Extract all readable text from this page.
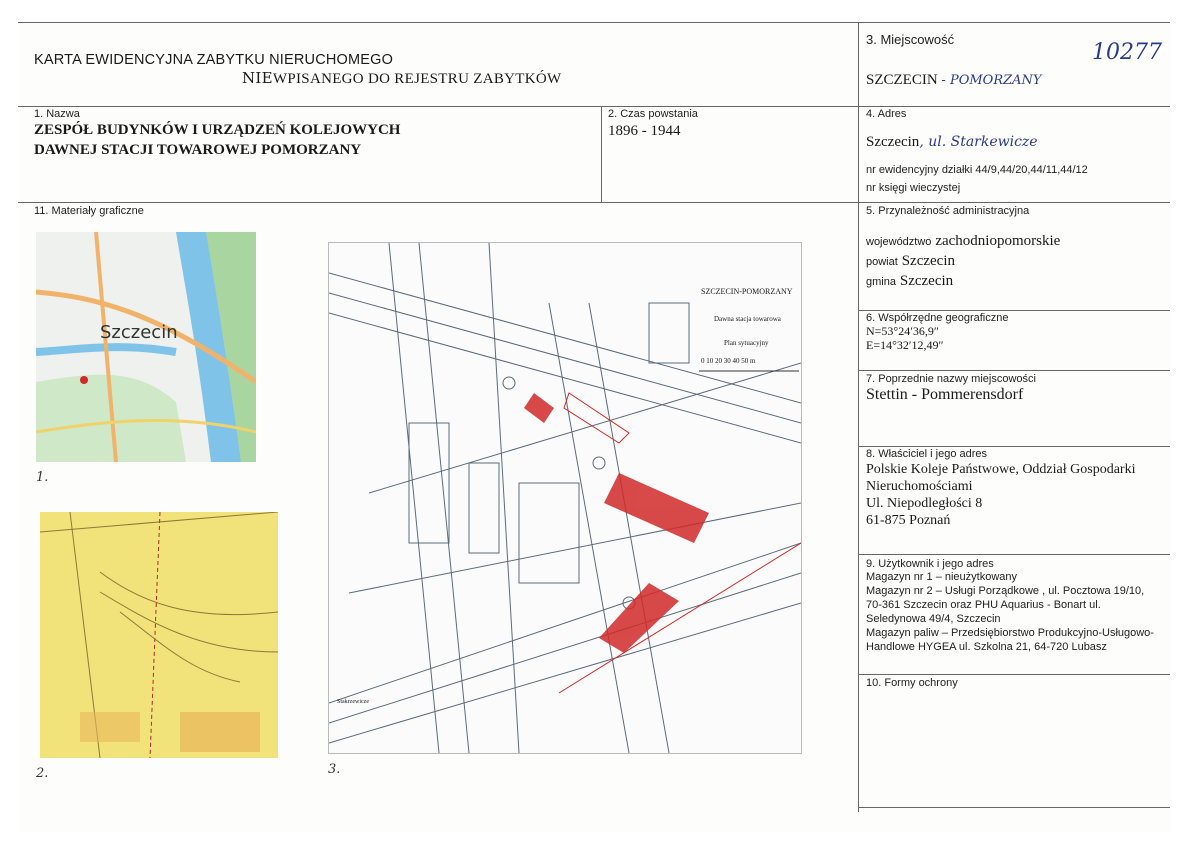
KARTA EWIDENCYJNA ZABYTKU NIERUCHOMEGO
NIEWPISANEGO DO REJESTRU ZABYTKÓW
3. Miejscowość
SZCZECIN - POMORZANY
10277
1. Nazwa
ZESPÓŁ BUDYNKÓW I URZĄDZEŃ KOLEJOWYCH
DAWNEJ STACJI TOWAROWEJ POMORZANY
2. Czas powstania
1896 - 1944
4. Adres
Szczecin, ul. Starkewicze
nr ewidencyjny działki 44/9,44/20,44/11,44/12
nr księgi wieczystej
11. Materiały graficzne
Szczecin
1.
2.
SZCZECIN-POMORZANY
Dawna stacja towarowa
Plan sytuacyjny
0 10 20 30 40 50 m
Stakrzewicze
3.
5. Przynależność administracyjna
województwo zachodniopomorskie
powiat Szczecin
gmina Szczecin
6. Współrzędne geograficzne
N=53°24′36,9″
E=14°32′12,49″
7. Poprzednie nazwy miejscowości
Stettin - Pommerensdorf
8. Właściciel i jego adres
Polskie Koleje Państwowe, Oddział Gospodarki
Nieruchomościami
Ul. Niepodległości 8
61-875 Poznań
9. Użytkownik i jego adres
Magazyn nr 1 – nieużytkowany
Magazyn nr 2 – Usługi Porządkowe , ul. Pocztowa 19/10,
70-361 Szczecin oraz PHU Aquarius - Bonart ul.
Seledynowa 49/4, Szczecin
Magazyn paliw – Przedsiębiorstwo Produkcyjno-Usługowo-
Handlowe HYGEA ul. Szkolna 21, 64-720 Lubasz
10. Formy ochrony
